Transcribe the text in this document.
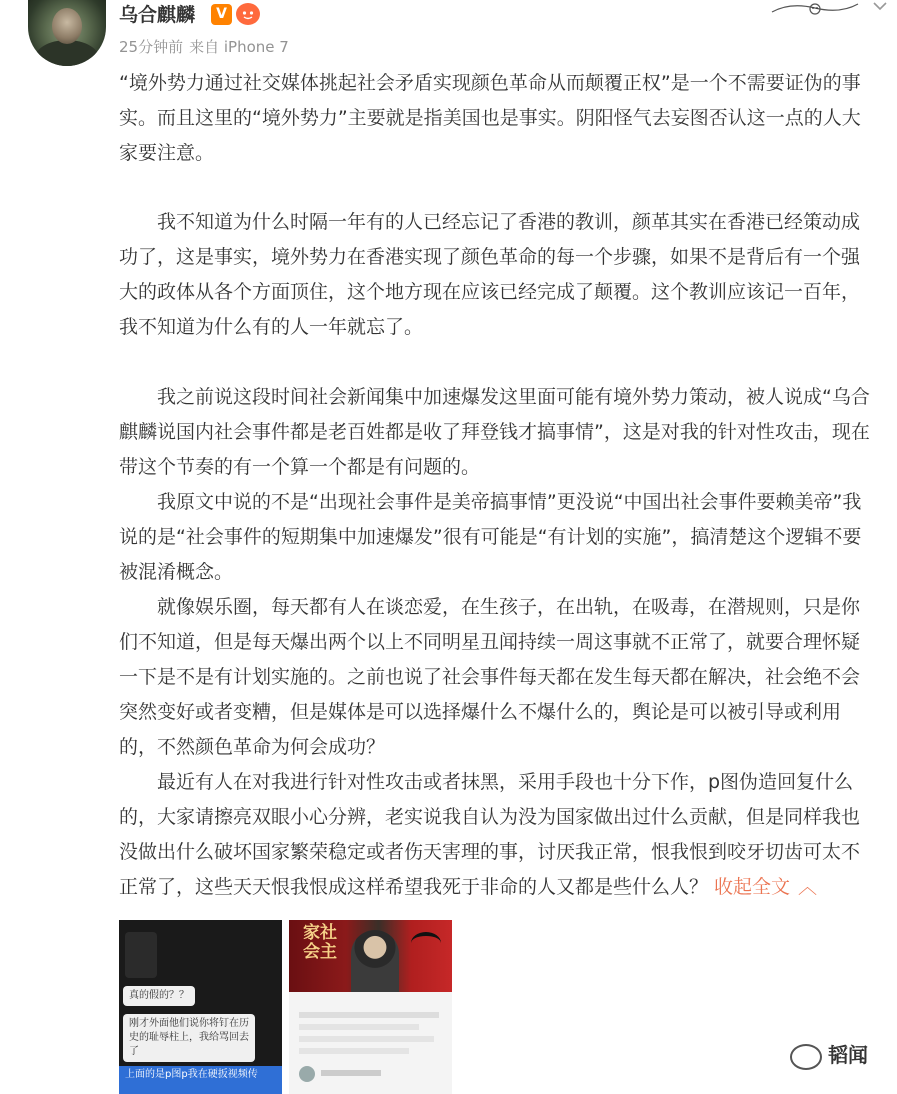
乌合麒麟	V
25分钟前 来自 iPhone 7

“境外势力通过社交媒体挑起社会矛盾实现颜色革命从而颠覆正权”是一个不需要证伪的事实。而且这里的“境外势力”主要就是指美国也是事实。阴阳怪气去妄图否认这一点的人大家要注意。

我不知道为什么时隔一年有的人已经忘记了香港的教训，颜革其实在香港已经策动成功了，这是事实，境外势力在香港实现了颜色革命的每一个步骤，如果不是背后有一个强大的政体从各个方面顶住，这个地方现在应该已经完成了颠覆。这个教训应该记一百年，我不知道为什么有的人一年就忘了。

我之前说这段时间社会新闻集中加速爆发这里面可能有境外势力策动，被人说成“乌合麒麟说国内社会事件都是老百姓都是收了拜登钱才搞事情”，这是对我的针对性攻击，现在带这个节奏的有一个算一个都是有问题的。

我原文中说的不是“出现社会事件是美帝搞事情”更没说“中国出社会事件要赖美帝”我说的是“社会事件的短期集中加速爆发”很有可能是“有计划的实施”，搞清楚这个逻辑不要被混淆概念。

就像娱乐圈，每天都有人在谈恋爱，在生孩子，在出轨，在吸毒，在潜规则，只是你们不知道，但是每天爆出两个以上不同明星丑闻持续一周这事就不正常了，就要合理怀疑一下是不是有计划实施的。之前也说了社会事件每天都在发生每天都在解决，社会绝不会突然变好或者变糟，但是媒体是可以选择爆什么不爆什么的，舆论是可以被引导或利用的，不然颜色革命为何会成功？

最近有人在对我进行针对性攻击或者抹黑，采用手段也十分下作，p图伪造回复什么的，大家请擦亮双眼小心分辨，老实说我自认为没为国家做出过什么贡献，但是同样我也没做出什么破坏国家繁荣稳定或者伤天害理的事，讨厌我正常，恨我恨到咬牙切齿可太不正常了，这些天天恨我恨成这样希望我死于非命的人又都是些什么人？ 收起全文 ︿

真的假的？？
刚才外面他们说你将钉在历史的耻辱柱上，我给骂回去了
上面的是p图p我在硬扳视频传
家社会主
韬闻
